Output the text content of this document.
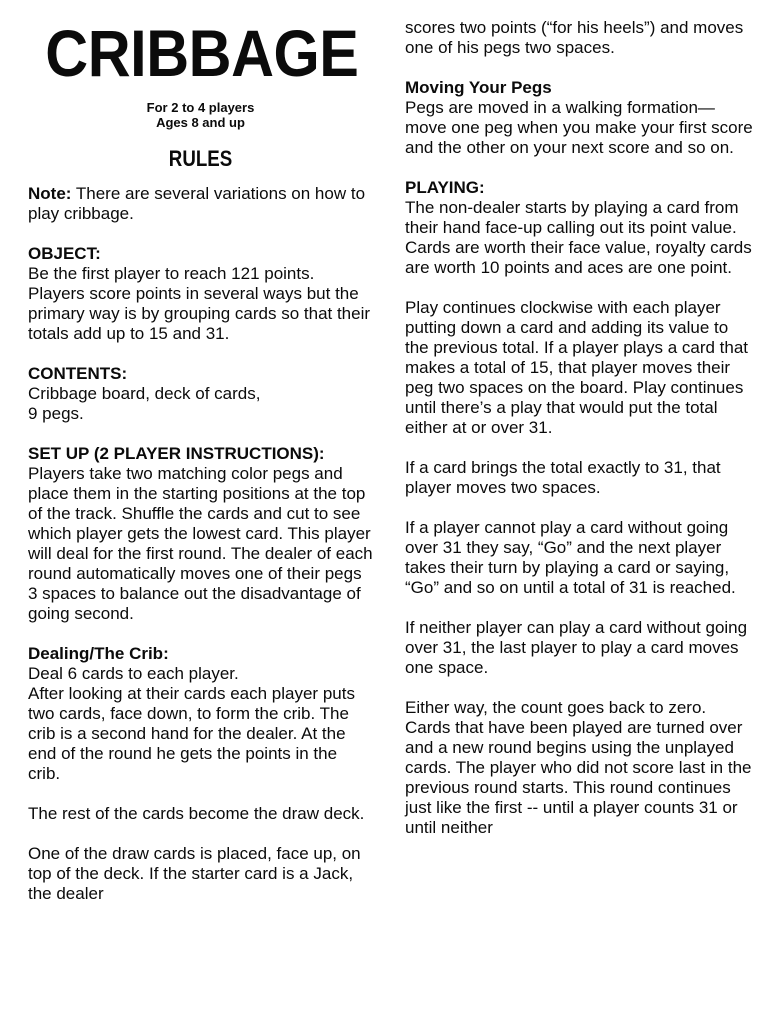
CRIBBAGE
For 2 to 4 players
Ages 8 and up
RULES

Note: There are several variations on how to play cribbage.

OBJECT:

Be the first player to reach 121 points. Players score points in several ways but the primary way is by grouping cards so that their totals add up to 15 and 31.

CONTENTS:
Cribbage board, deck of cards,
9 pegs.
SET UP (2 PLAYER INSTRUCTIONS):

Players take two matching color pegs and place them in the starting positions at the top of the track. Shuffle the cards and cut to see which player gets the lowest card. This player will deal for the first round. The dealer of each round automatically moves one of their pegs 3 spaces to balance out the disadvantage of going second.

Dealing/The Crib:
Deal 6 cards to each player.

After looking at their cards each player puts two cards, face down, to form the crib. The crib is a second hand for the dealer. At the end of the round he gets the points in the crib.

The rest of the cards become the draw deck.

One of the draw cards is placed, face up, on top of the deck. If the starter card is a Jack, the dealer

scores two points (“for his heels”) and moves one of his pegs two spaces.

Moving Your Pegs

Pegs are moved in a walking formation—move one peg when you make your first score and the other on your next score and so on.

PLAYING:

The non-dealer starts by playing a card from their hand face-up calling out its point value. Cards are worth their face value, royalty cards are worth 10 points and aces are one point.

Play continues clockwise with each player putting down a card and adding its value to the previous total. If a player plays a card that makes a total of 15, that player moves their peg two spaces on the board. Play continues until there’s a play that would put the total either at or over 31.

If a card brings the total exactly to 31, that player moves two spaces.

If a player cannot play a card without going over 31 they say, “Go” and the next player takes their turn by playing a card or saying, “Go” and so on until a total of 31 is reached.

If neither player can play a card without going over 31, the last player to play a card moves one space.

Either way, the count goes back to zero. Cards that have been played are turned over and a new round begins using the unplayed cards. The player who did not score last in the previous round starts. This round continues just like the first -- until a player counts 31 or until neither
